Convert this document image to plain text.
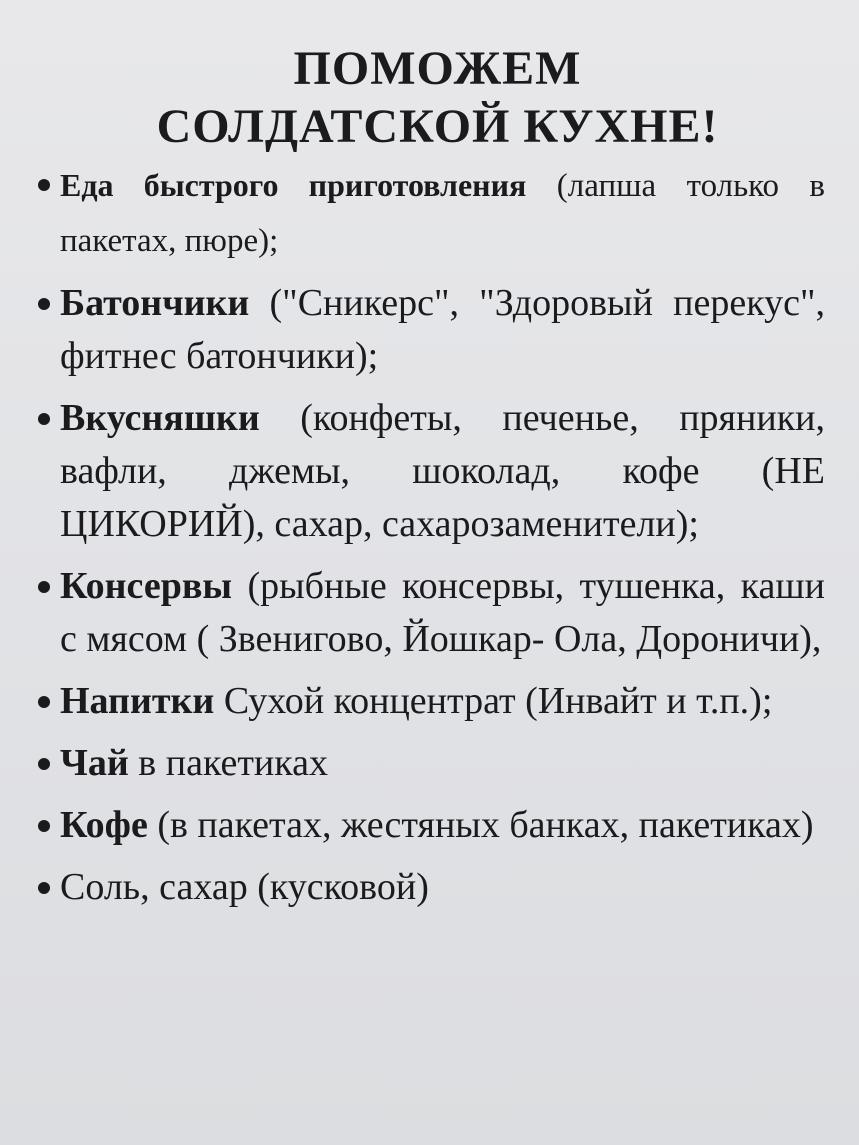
ПОМОЖЕМ
СОЛДАТСКОЙ КУХНЕ!
Еда быстрого приготовления (лапша только в пакетах, пюре);
Батончики ("Сникерс", "Здоровый перекус", фитнес батончики);
Вкусняшки (конфеты, печенье, пряники, вафли, джемы, шоколад, кофе (НЕ ЦИКОРИЙ), сахар, сахарозаменители);
Консервы (рыбные консервы, тушенка, каши с мясом ( Звенигово, Йошкар- Ола, Дороничи),
Напитки Сухой концентрат (Инвайт и т.п.);
Чай в пакетиках
Кофе (в пакетах, жестяных банках, пакетиках)
Соль, сахар (кусковой)
